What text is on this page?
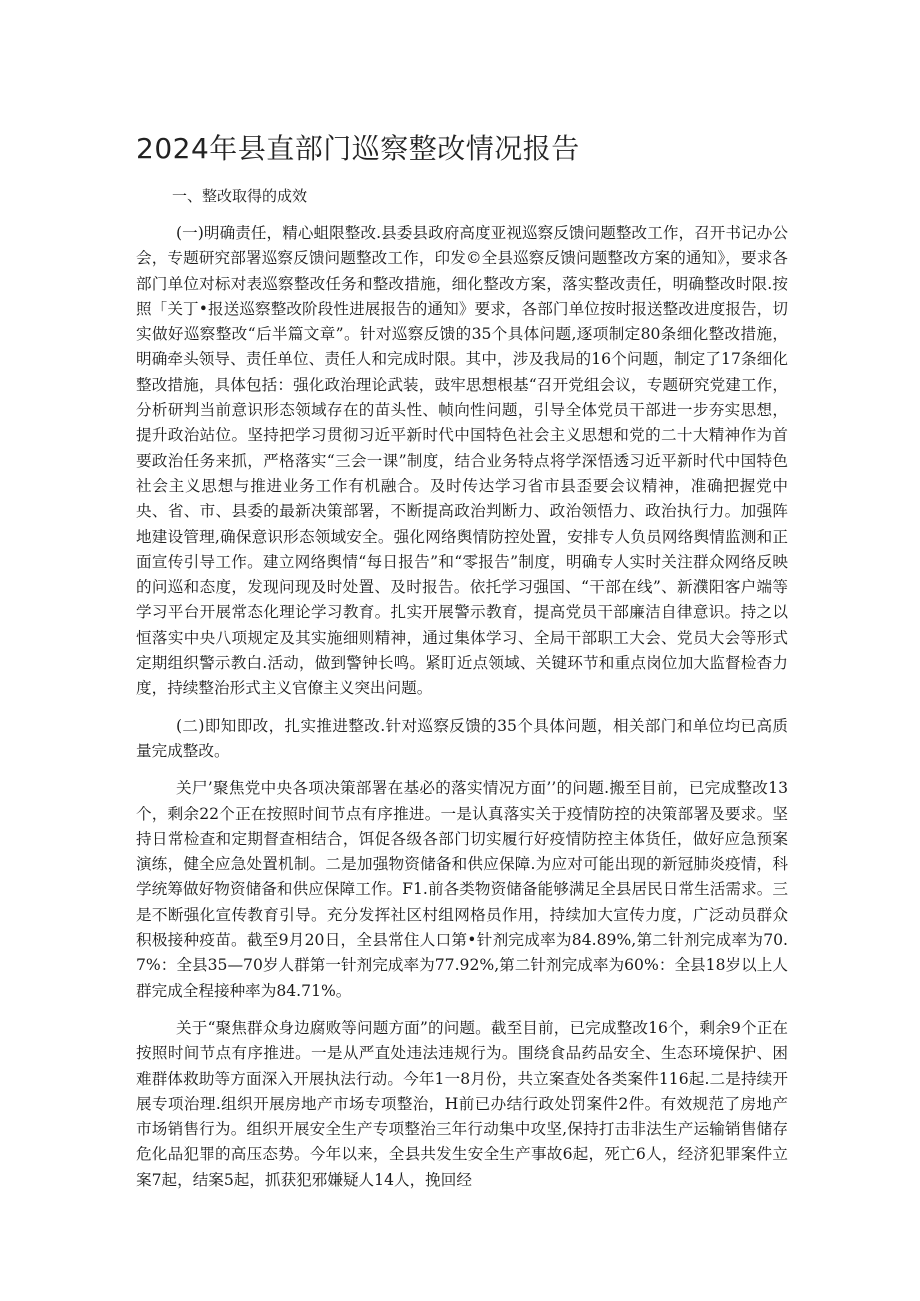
2024年县直部门巡察整改情况报告

一、整改取得的成效

(一)明确责任，精心蛆限整改.县委县政府高度亚视巡察反馈问题整改工作，召开书记办公会，专题研究部署巡察反馈问题整改工作，印发©全县巡察反馈问题整改方案的通知》，要求各部门单位对标对表巡察整改任务和整改措施，细化整改方案，落实整改责任，明确整改时限.按照「关丁•报送巡察整改阶段性进展报告的通知》要求，各部门单位按时报送整改进度报告，切实做好巡察整改“后半篇文章”。针对巡察反馈的35个具体问题,逐项制定80条细化整改措施，明确牵头领导、责任单位、责任人和完成时限。其中，涉及我局的16个问题，制定了17条细化整改措施，具体包括：强化政治理论武装，豉牢思想根基“召开党组会议，专题研究党建工作，分析研判当前意识形态领域存在的苗头性、帧向性问题，引导全体党员干部进一步夯实思想，提升政治站位。坚持把学习贯彻习近平新时代中国特色社会主义思想和党的二十大精神作为首要政治任务来抓，严格落实“三会一课”制度，结合业务特点将学深悟透习近平新时代中国特色社会主义思想与推进业务工作有机融合。及时传达学习省市县歪要会议精神，准确把握党中央、省、市、县委的最新决策部署，不断提高政治判断力、政治领悟力、政治执行力。加强阵地建设管理,确保意识形态领域安全。强化网络舆情防控处置，安排专人负员网络舆情监测和正面宣传引导工作。建立网络舆情“每日报告”和“零报告”制度，明确专人实时关注群众网络反映的问巡和态度，发现问现及时处置、及时报告。依托学习强国、“干部在线”、新濮阳客户端等学习平台开展常态化理论学习教育。扎实开展警示教育，提高党员干部廉洁自律意识。持之以恒落实中央八项规定及其实施细则精神，通过集体学习、全局干部职工大会、党员大会等形式定期组织警示教白.活动，做到警钟长鸣。紧盯近点领域、关键环节和重点岗位加大监督检杳力度，持续整治形式主义官僚主义突出问题。

(二)即知即改，扎实推进整改.针对巡察反馈的35个具体问题，相关部门和单位均已高质量完成整改。

关尸’聚焦党中央各项决策部署在基必的落实情况方面’’的问题.搬至目前，已完成整改13个，剩余22个正在按照时间节点有序推进。一是认真落实关于疫情防控的决策部署及要求。坚持日常检查和定期督查相结合，饵促各级各部门切实履行好疫情防控主体货任，做好应急预案演练，健全应急处置机制。二是加强物资储备和供应保障.为应对可能出现的新冠肺炎疫情，科学统筹做好物资储备和供应保障工作。F1.前各类物资储备能够满足全县居民日常生活需求。三是不断强化宣传教育引导。充分发挥社区村组网格员作用，持续加大宣传力度，广泛动员群众积极接种疫苗。截至9月20日，全县常住人口第•针剂完成率为84.89%,第二针剂完成率为70.7%：全县35—70岁人群第一针剂完成率为77.92%,第二针剂完成率为60%：全县18岁以上人群完成全程接种率为84.71%。

关于“聚焦群众身边腐败等问题方面”的问题。截至目前，已完成整改16个，剩余9个正在按照时间节点有序推进。一是从严直处违法违规行为。围绕食品药品安全、生态环境保护、困难群体救助等方面深入开展执法行动。今年1一8月份，共立案查处各类案件116起.二是持续开展专项治理.组织开展房地产市场专项整治，H前已办结行政处罚案件2件。有效规范了房地产市场销售行为。组织开展安全生产专项整治三年行动集中攻坚,保持打击非法生产运输销售储存危化品犯罪的高压态势。今年以来，全县共发生安全生产事故6起，死亡6人，经济犯罪案件立案7起，结案5起，抓获犯邪嫌疑人14人，挽回经
